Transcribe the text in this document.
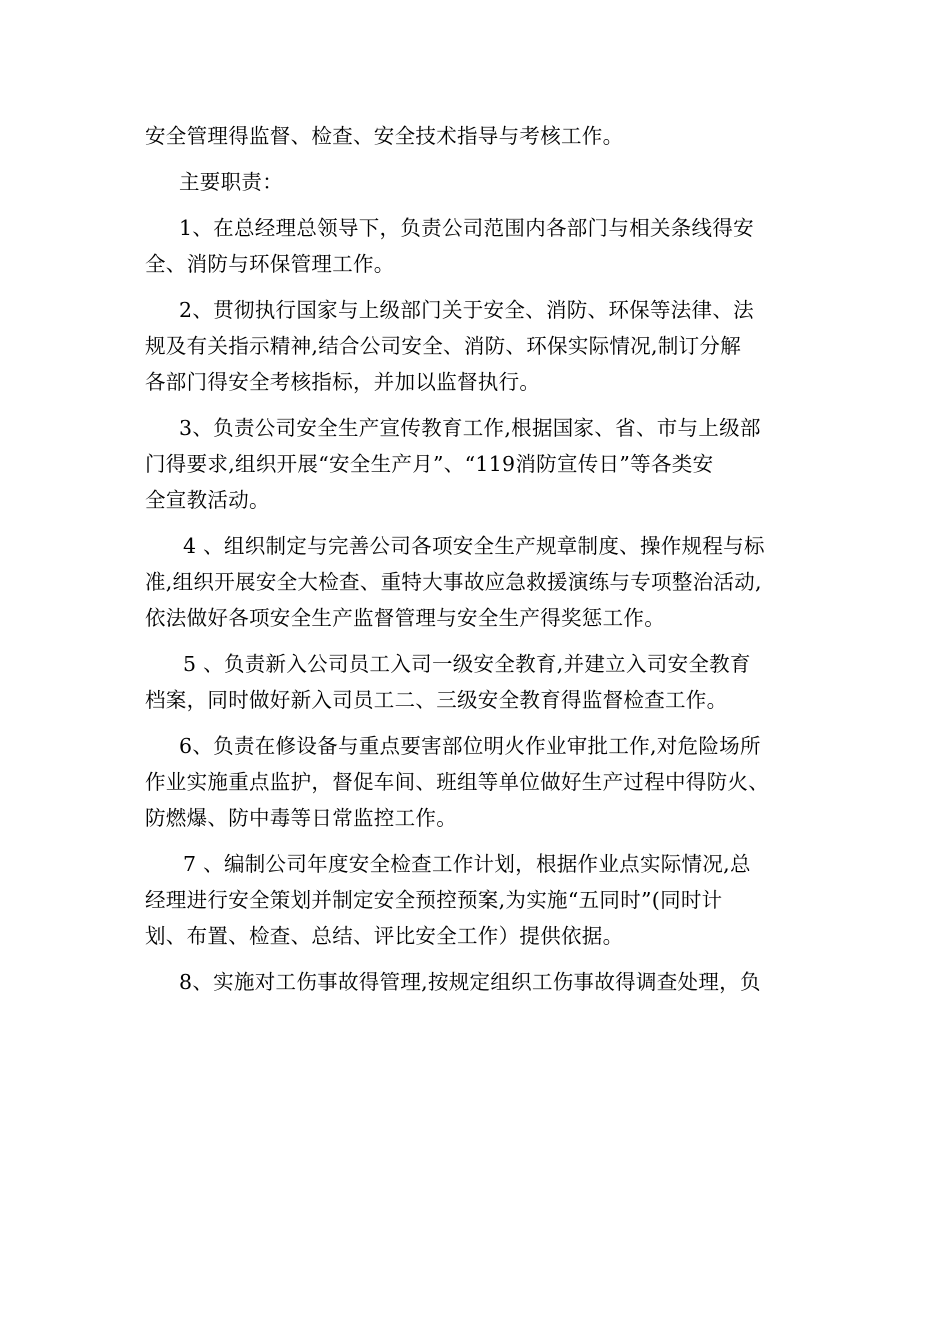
安全管理得监督、检查、安全技术指导与考核工作。
主要职责：
1、在总经理总领导下，负责公司范围内各部门与相关条线得安
全、消防与环保管理工作。
2、贯彻执行国家与上级部门关于安全、消防、环保等法律、法
规及有关指示精神,结合公司安全、消防、环保实际情况,制订分解
各部门得安全考核指标，并加以监督执行。
3、负责公司安全生产宣传教育工作,根据国家、省、市与上级部
门得要求,组织开展“安全生产月”、“119消防宣传日”等各类安
全宣教活动。
4 、组织制定与完善公司各项安全生产规章制度、操作规程与标
准,组织开展安全大检查、重特大事故应急救援演练与专项整治活动,
依法做好各项安全生产监督管理与安全生产得奖惩工作。
5 、负责新入公司员工入司一级安全教育,并建立入司安全教育
档案，同时做好新入司员工二、三级安全教育得监督检查工作。
6、负责在修设备与重点要害部位明火作业审批工作,对危险场所
作业实施重点监护，督促车间、班组等单位做好生产过程中得防火、
防燃爆、防中毒等日常监控工作。
7 、编制公司年度安全检查工作计划，根据作业点实际情况,总
经理进行安全策划并制定安全预控预案,为实施“五同时”(同时计
划、布置、检查、总结、评比安全工作）提供依据。
8、实施对工伤事故得管理,按规定组织工伤事故得调查处理，负
